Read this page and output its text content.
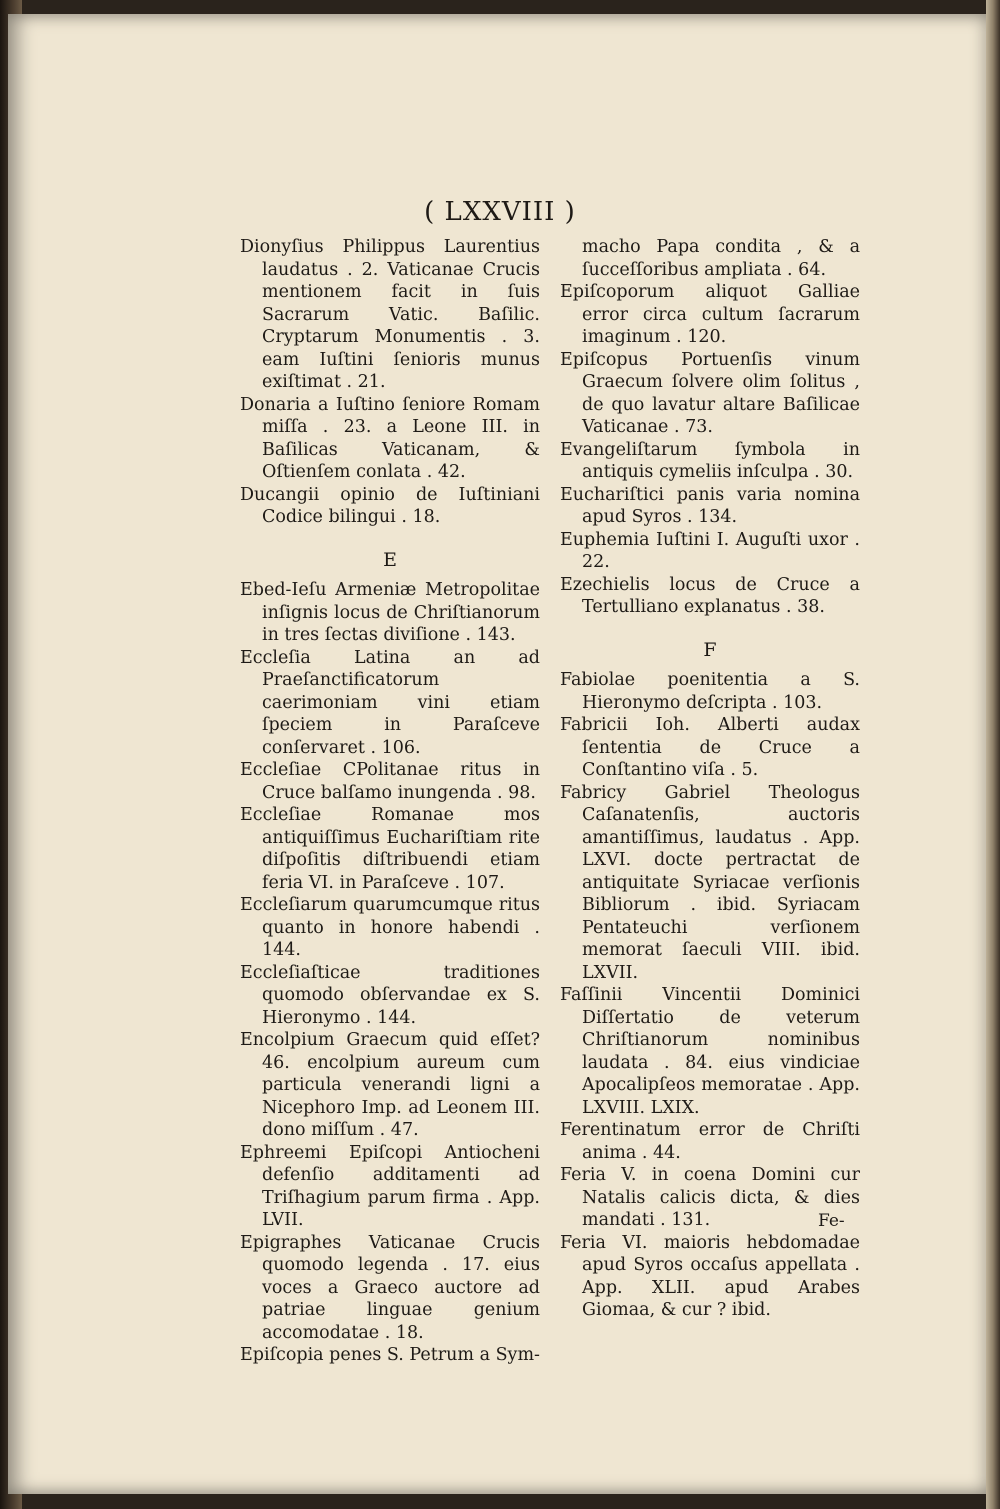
( LXXVIII )

Dionyſius Philippus Laurentius laudatus . 2. Vaticanae Crucis mentionem facit in ſuis Sacrarum Vatic. Baſilic. Cryptarum Monumentis . 3. eam Iuſtini ſenioris munus exiſtimat . 21.

Donaria a Iuſtino ſeniore Romam miſſa . 23. a Leone III. in Baſilicas Vaticanam, & Oſtienſem conlata . 42.

Ducangii opinio de Iuſtiniani Codice bilingui . 18.

E

Ebed-Ieſu Armeniæ Metropolitae inſignis locus de Chriſtianorum in tres ſectas diviſione . 143.

Eccleſia Latina an ad Praeſanctificatorum caerimoniam vini etiam ſpeciem in Paraſceve conſervaret . 106.

Eccleſiae CPolitanae ritus in Cruce balſamo inungenda . 98.

Eccleſiae Romanae mos antiquiſſimus Euchariſtiam rite diſpoſitis diſtribuendi etiam feria VI. in Paraſceve . 107.

Eccleſiarum quarumcumque ritus quanto in honore habendi . 144.

Eccleſiaſticae traditiones quomodo obſervandae ex S. Hieronymo . 144.

Encolpium Graecum quid eſſet? 46. encolpium aureum cum particula venerandi ligni a Nicephoro Imp. ad Leonem III. dono miſſum . 47.

Ephreemi Epiſcopi Antiocheni defenſio additamenti ad Triſhagium parum firma . App. LVII.

Epigraphes Vaticanae Crucis quomodo legenda . 17. eius voces a Graeco auctore ad patriae linguae genium accomodatae . 18.

Epiſcopia penes S. Petrum a Sym-

macho Papa condita , & a ſucceſſoribus ampliata . 64.

Epiſcoporum aliquot Galliae error circa cultum ſacrarum imaginum . 120.

Epiſcopus Portuenſis vinum Graecum ſolvere olim ſolitus , de quo lavatur altare Baſilicae Vaticanae . 73.

Evangeliſtarum ſymbola in antiquis cymeliis inſculpa . 30.

Euchariſtici panis varia nomina apud Syros . 134.

Euphemia Iuſtini I. Auguſti uxor . 22.

Ezechielis locus de Cruce a Tertulliano explanatus . 38.

F

Fabiolae poenitentia a S. Hieronymo deſcripta . 103.

Fabricii Ioh. Alberti audax ſententia de Cruce a Conſtantino viſa . 5.

Fabricy Gabriel Theologus Caſanatenſis, auctoris amantiſſimus, laudatus . App. LXVI. docte pertractat de antiquitate Syriacae verſionis Bibliorum . ibid. Syriacam Pentateuchi verſionem memorat ſaeculi VIII. ibid. LXVII.

Faſſinii Vincentii Dominici Diſſertatio de veterum Chriſtianorum nominibus laudata . 84. eius vindiciae Apocalipſeos memoratae . App. LXVIII. LXIX.

Ferentinatum error de Chriſti anima . 44.

Feria V. in coena Domini cur Natalis calicis dicta, & dies mandati . 131.

Feria VI. maioris hebdomadae apud Syros occaſus appellata . App. XLII. apud Arabes Giomaa, & cur ? ibid.

Fe-
